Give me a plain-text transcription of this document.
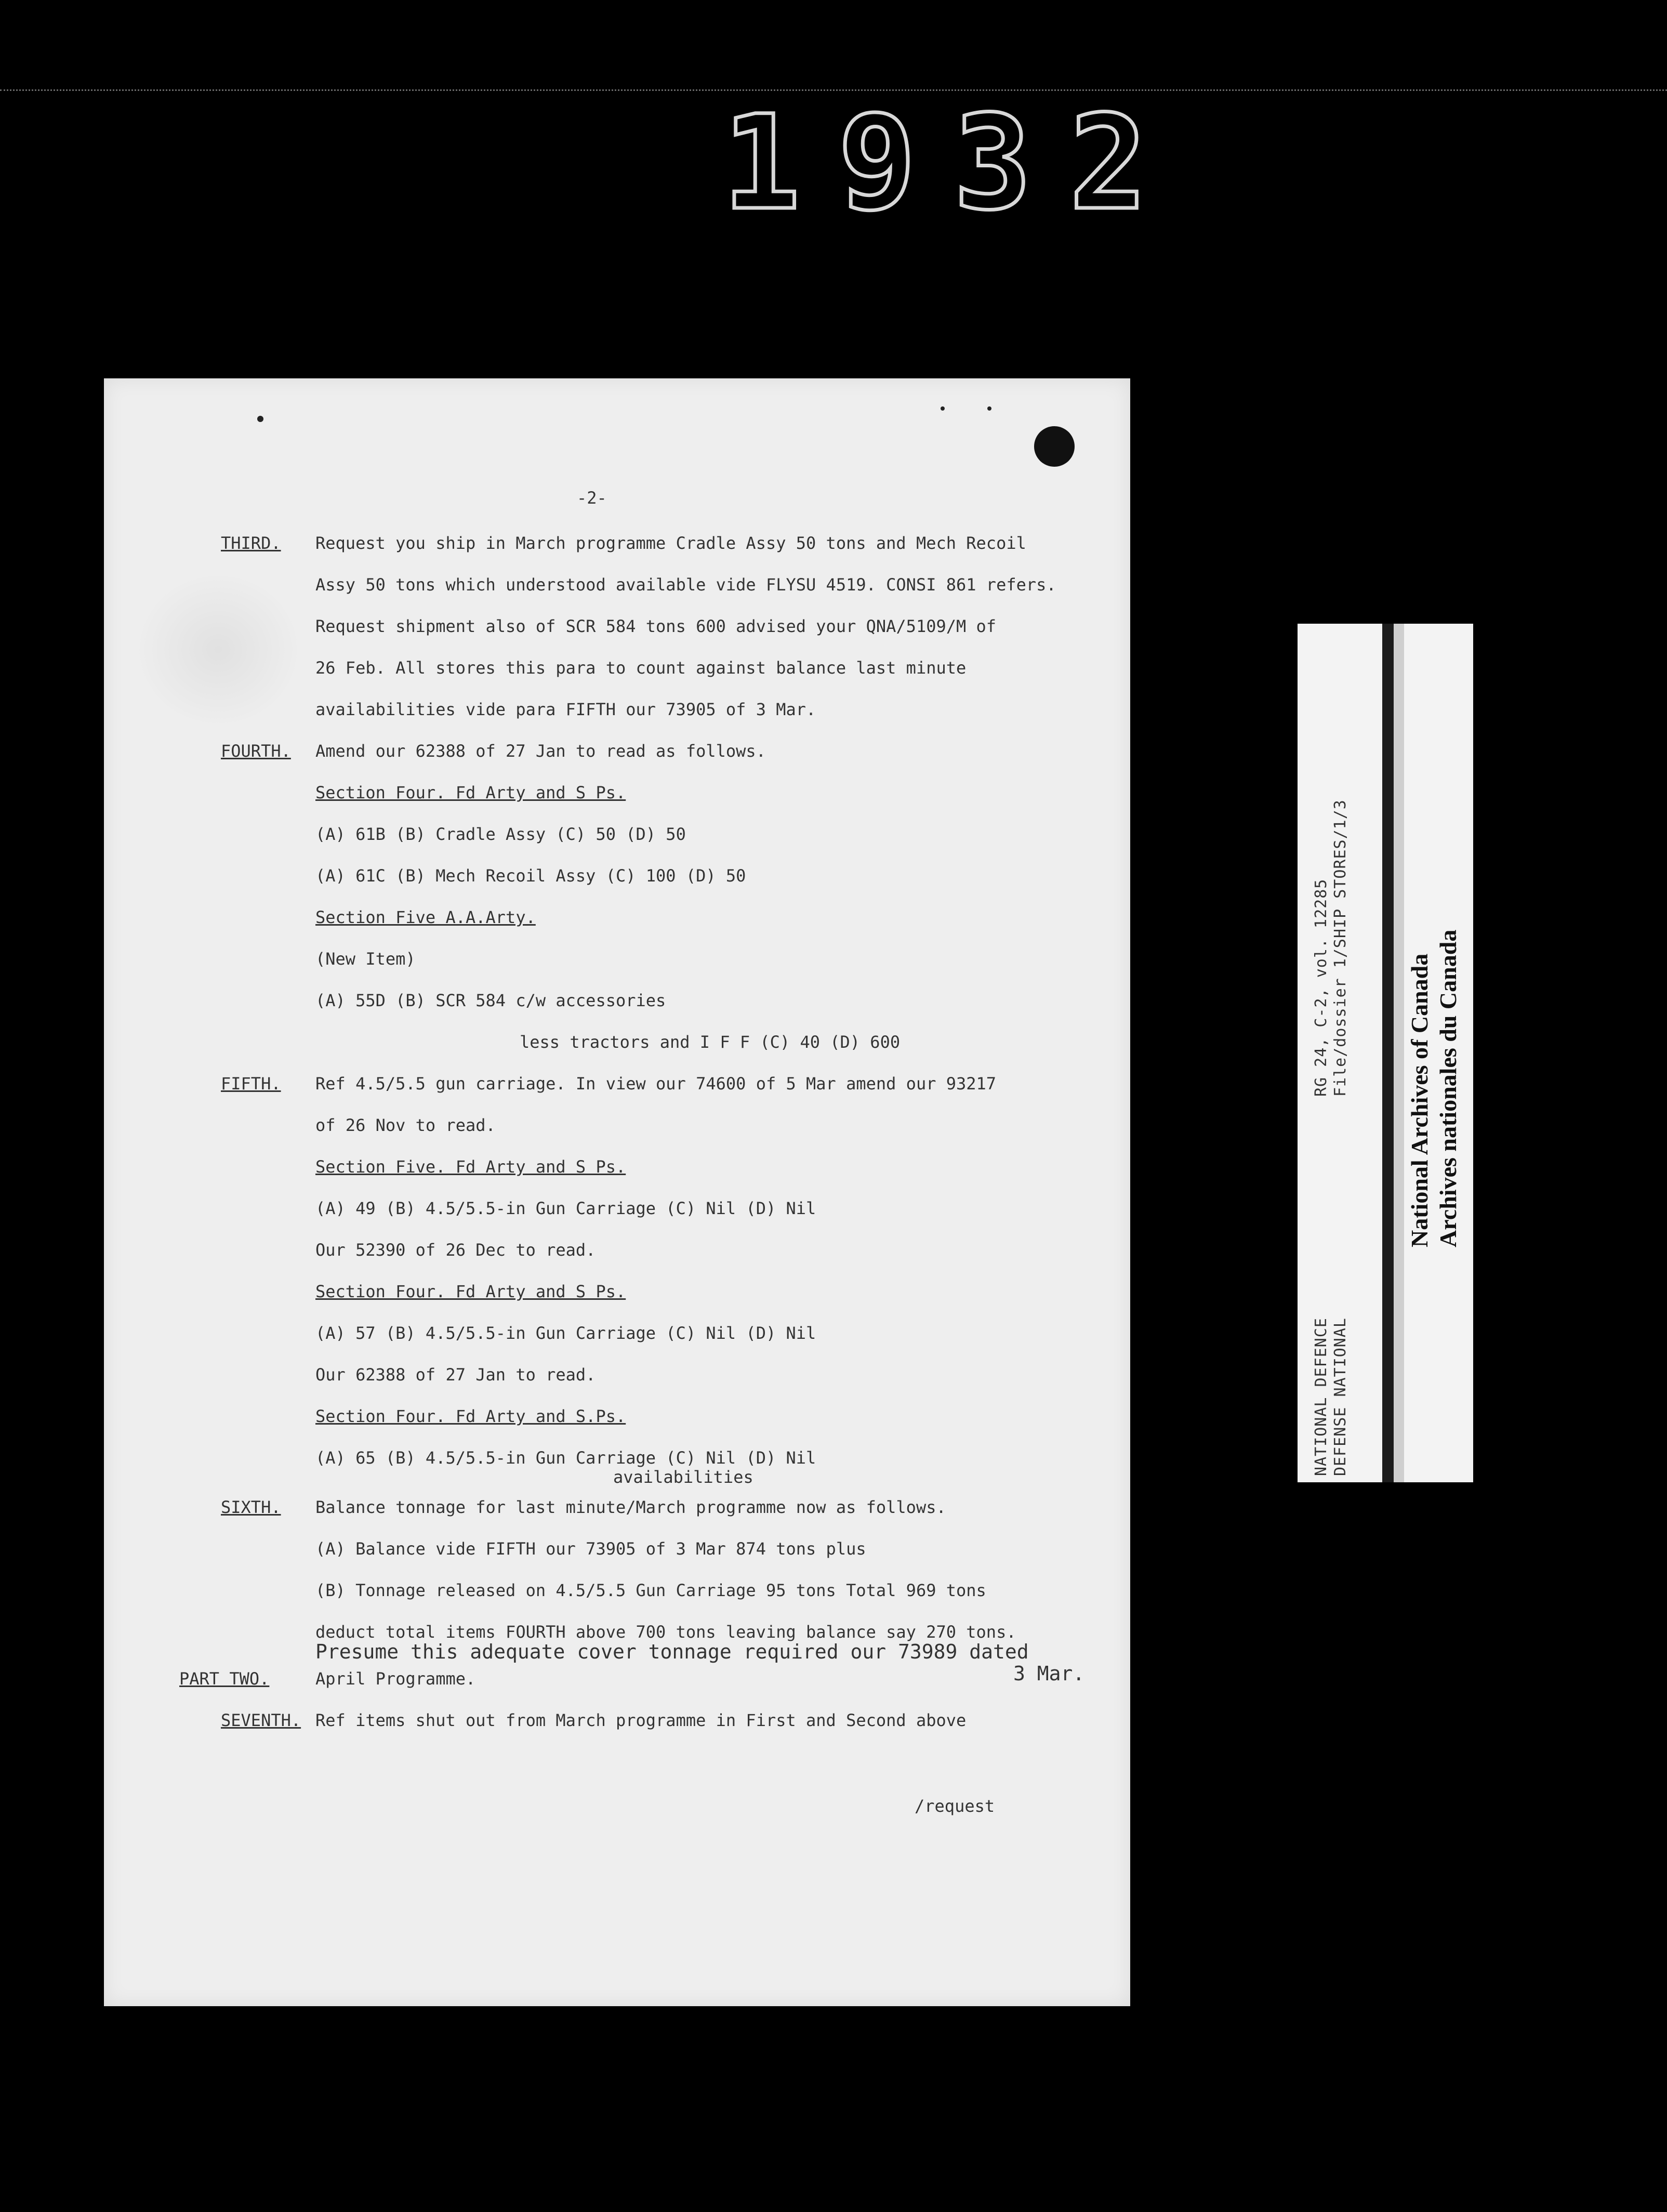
1932
-2-
THIRD. Request you ship in March programme Cradle Assy 50 tons and Mech Recoil
Assy 50 tons which understood available vide FLYSU 4519. CONSI 861 refers.
Request shipment also of SCR 584 tons 600 advised your QNA/5109/M of
26 Feb. All stores this para to count against balance last minute
availabilities vide para FIFTH our 73905 of 3 Mar.
FOURTH. Amend our 62388 of 27 Jan to read as follows.
Section Four. Fd Arty and S Ps.
(A) 61B (B) Cradle Assy (C) 50 (D) 50
(A) 61C (B) Mech Recoil Assy (C) 100 (D) 50
Section Five A.A.Arty.
(New Item)
(A) 55D (B) SCR 584 c/w accessories
less tractors and I F F (C) 40 (D) 600
FIFTH. Ref 4.5/5.5 gun carriage. In view our 74600 of 5 Mar amend our 93217
of 26 Nov to read.
Section Five. Fd Arty and S Ps.
(A) 49 (B) 4.5/5.5-in Gun Carriage (C) Nil (D) Nil
Our 52390 of 26 Dec to read.
Section Four. Fd Arty and S Ps.
(A) 57 (B) 4.5/5.5-in Gun Carriage (C) Nil (D) Nil
Our 62388 of 27 Jan to read.
Section Four. Fd Arty and S.Ps.
(A) 65 (B) 4.5/5.5-in Gun Carriage (C) Nil (D) Nil
availabilities
SIXTH. Balance tonnage for last minute/March programme now as follows.
(A) Balance vide FIFTH our 73905 of 3 Mar 874 tons plus
(B) Tonnage released on 4.5/5.5 Gun Carriage 95 tons Total 969 tons
deduct total items FOURTH above 700 tons leaving balance say 270 tons.
Presume this adequate cover tonnage required our 73989 dated
3 Mar.
PART TWO.	April Programme.
SEVENTH. Ref items shut out from March programme in First and Second above
/request
RG 24, C-2, vol. 12285 File/dossier 1/SHIP STORES/1/3
NATIONAL DEFENCE DEFENSE NATIONAL
National Archives of Canada Archives nationales du Canada
